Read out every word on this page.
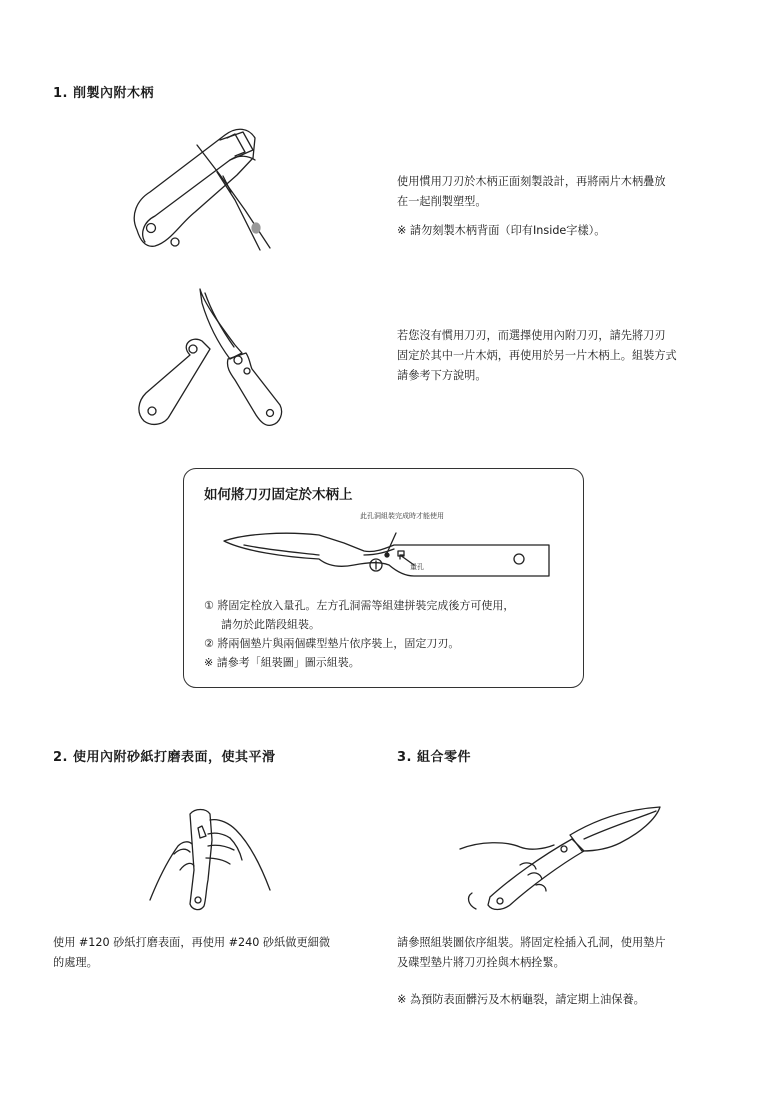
1. 削製內附木柄
使用慣用刀刃於木柄正面刻製設計，再將兩片木柄疊放
在一起削製塑型。
※ 請勿刻製木柄背面（印有Inside字樣）。
若您沒有慣用刀刃，而選擇使用內附刀刃，請先將刀刃
固定於其中一片木炳，再使用於另一片木柄上。組裝方式
請參考下方說明。
如何將刀刃固定於木柄上
此孔洞組裝完成時才能使用
量孔
① 將固定栓放入量孔。左方孔洞需等組建拼裝完成後方可使用，
請勿於此階段組裝。
② 將兩個墊片與兩個碟型墊片依序裝上，固定刀刃。
※ 請參考「組裝圖」圖示組裝。
2. 使用內附砂紙打磨表面，使其平滑
使用 #120 砂紙打磨表面，再使用 #240 砂紙做更細微
的處理。
3. 組合零件
請參照組裝圖依序組裝。將固定栓插入孔洞，使用墊片
及碟型墊片將刀刃拴與木柄拴緊。
※ 為預防表面髒污及木柄龜裂，請定期上油保養。
